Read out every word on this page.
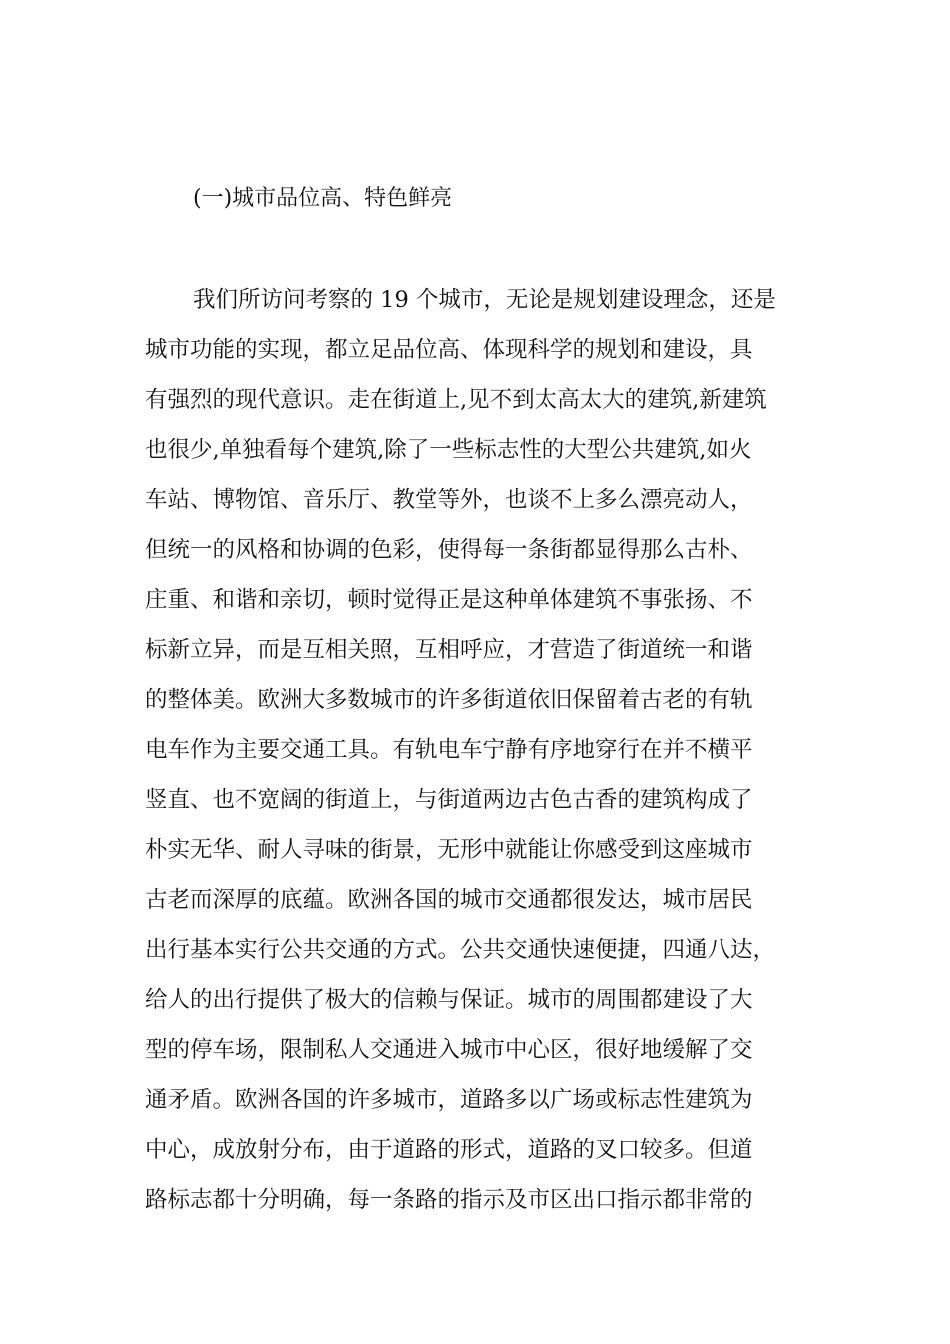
(一)城市品位高、特色鲜亮
我们所访问考察的 19 个城市，无论是规划建设理念，还是
城市功能的实现，都立足品位高、体现科学的规划和建设，具
有强烈的现代意识。走在街道上,见不到太高太大的建筑,新建筑
也很少,单独看每个建筑,除了一些标志性的大型公共建筑,如火
车站、博物馆、音乐厅、教堂等外，也谈不上多么漂亮动人，
但统一的风格和协调的色彩，使得每一条街都显得那么古朴、
庄重、和谐和亲切，顿时觉得正是这种单体建筑不事张扬、不
标新立异，而是互相关照，互相呼应，才营造了街道统一和谐
的整体美。欧洲大多数城市的许多街道依旧保留着古老的有轨
电车作为主要交通工具。有轨电车宁静有序地穿行在并不横平
竖直、也不宽阔的街道上，与街道两边古色古香的建筑构成了
朴实无华、耐人寻味的街景，无形中就能让你感受到这座城市
古老而深厚的底蕴。欧洲各国的城市交通都很发达，城市居民
出行基本实行公共交通的方式。公共交通快速便捷，四通八达，
给人的出行提供了极大的信赖与保证。城市的周围都建设了大
型的停车场，限制私人交通进入城市中心区，很好地缓解了交
通矛盾。欧洲各国的许多城市，道路多以广场或标志性建筑为
中心，成放射分布，由于道路的形式，道路的叉口较多。但道
路标志都十分明确，每一条路的指示及市区出口指示都非常的
